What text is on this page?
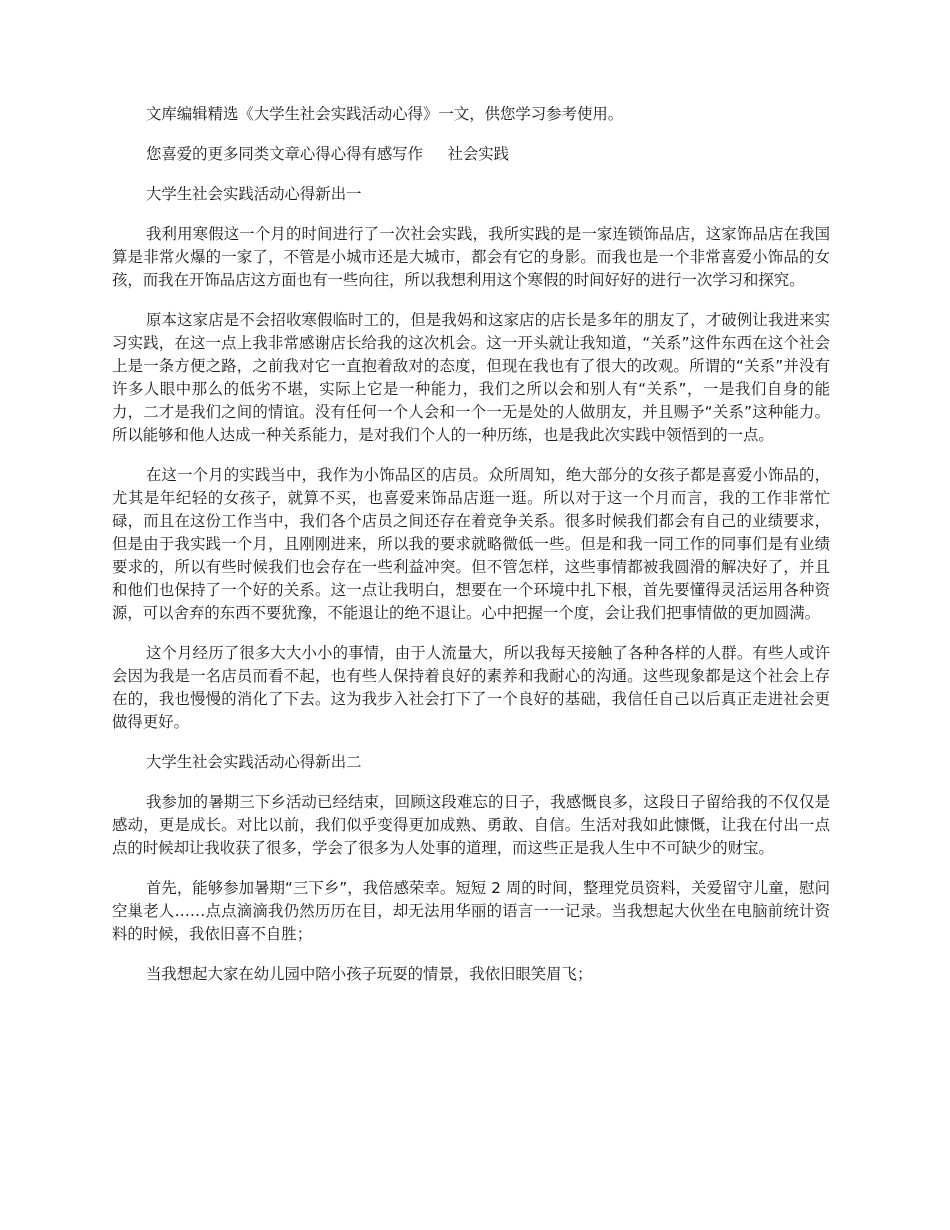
文库编辑精选《大学生社会实践活动心得》一文，供您学习参考使用。
您喜爱的更多同类文章心得心得有感写作     社会实践
大学生社会实践活动心得新出一

我利用寒假这一个月的时间进行了一次社会实践，我所实践的是一家连锁饰品店，这家饰品店在我国算是非常火爆的一家了，不管是小城市还是大城市，都会有它的身影。而我也是一个非常喜爱小饰品的女孩，而我在开饰品店这方面也有一些向往，所以我想利用这个寒假的时间好好的进行一次学习和探究。

原本这家店是不会招收寒假临时工的，但是我妈和这家店的店长是多年的朋友了，才破例让我进来实习实践，在这一点上我非常感谢店长给我的这次机会。这一开头就让我知道，“关系”这件东西在这个社会上是一条方便之路，之前我对它一直抱着敌对的态度，但现在我也有了很大的改观。所谓的“关系”并没有许多人眼中那么的低劣不堪，实际上它是一种能力，我们之所以会和别人有“关系”，一是我们自身的能力，二才是我们之间的情谊。没有任何一个人会和一个一无是处的人做朋友，并且赐予“关系”这种能力。所以能够和他人达成一种关系能力，是对我们个人的一种历练，也是我此次实践中领悟到的一点。

在这一个月的实践当中，我作为小饰品区的店员。众所周知，绝大部分的女孩子都是喜爱小饰品的，尤其是年纪轻的女孩子，就算不买，也喜爱来饰品店逛一逛。所以对于这一个月而言，我的工作非常忙碌，而且在这份工作当中，我们各个店员之间还存在着竞争关系。很多时候我们都会有自己的业绩要求，但是由于我实践一个月，且刚刚进来，所以我的要求就略微低一些。但是和我一同工作的同事们是有业绩要求的，所以有些时候我们也会存在一些利益冲突。但不管怎样，这些事情都被我圆滑的解决好了，并且和他们也保持了一个好的关系。这一点让我明白，想要在一个环境中扎下根，首先要懂得灵活运用各种资源，可以舍弃的东西不要犹豫，不能退让的绝不退让。心中把握一个度，会让我们把事情做的更加圆满。

这个月经历了很多大大小小的事情，由于人流量大，所以我每天接触了各种各样的人群。有些人或许会因为我是一名店员而看不起，也有些人保持着良好的素养和我耐心的沟通。这些现象都是这个社会上存在的，我也慢慢的消化了下去。这为我步入社会打下了一个良好的基础，我信任自己以后真正走进社会更做得更好。

大学生社会实践活动心得新出二

我参加的暑期三下乡活动已经结束，回顾这段难忘的日子，我感慨良多，这段日子留给我的不仅仅是感动，更是成长。对比以前，我们似乎变得更加成熟、勇敢、自信。生活对我如此慷慨，让我在付出一点点的时候却让我收获了很多，学会了很多为人处事的道理，而这些正是我人生中不可缺少的财宝。

首先，能够参加暑期“三下乡”，我倍感荣幸。短短 2 周的时间，整理党员资料，关爱留守儿童，慰问空巢老人……点点滴滴我仍然历历在目，却无法用华丽的语言一一记录。当我想起大伙坐在电脑前统计资料的时候，我依旧喜不自胜；

当我想起大家在幼儿园中陪小孩子玩耍的情景，我依旧眼笑眉飞；
